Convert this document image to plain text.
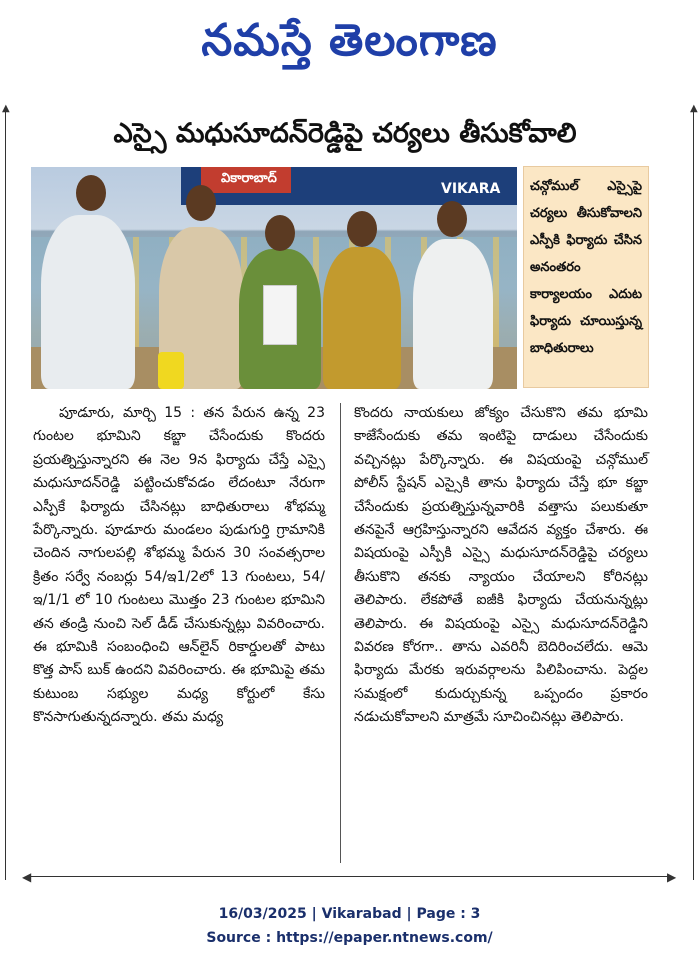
నమస్తే తెలంగాణ
▲	▲
◀	▶
ఎస్సై మధుసూదన్‌రెడ్డిపై చర్యలు తీసుకోవాలి
వికారాబాద్
VIKARA	చన్గోముల్ ఎస్సైపై చర్యలు తీసుకోవాలని ఎస్పీకి ఫిర్యాదు చేసిన అనంతరం కార్యాలయం ఎదుట ఫిర్యాదు చూయిస్తున్న బాధితురాలు

పూడూరు, మార్చి 15 : తన పేరున ఉన్న 23 గుంటల భూమిని కబ్జా చేసేందుకు కొందరు ప్రయత్నిస్తున్నారని ఈ నెల 9న ఫిర్యాదు చేస్తే ఎస్సై మధుసూదన్‌రెడ్డి పట్టించుకోవడం లేదంటూ నేరుగా ఎస్పీకే ఫిర్యాదు చేసినట్లు బాధితురాలు శోభమ్మ పేర్కొన్నారు. పూడూరు మండలం పుడుగుర్తి గ్రామానికి చెందిన నాగులపల్లి శోభమ్మ పేరున 30 సంవత్సరాల క్రితం సర్వే నంబర్లు 54/ఇ1/2లో 13 గుంటలు, 54/ఇ/1/1 లో 10 గుంటలు మొత్తం 23 గుంటల భూమిని తన తండ్రి నుంచి సెల్ డీడ్ చేసుకున్నట్లు వివరించారు. ఈ భూమికి సంబంధించి ఆన్‌లైన్ రికార్డులతో పాటు కొత్త పాస్ బుక్ ఉందని వివరించారు. ఈ భూమిపై తమ కుటుంబ సభ్యుల మధ్య కోర్టులో కేసు కొనసాగుతున్నదన్నారు. తమ మధ్య

కొందరు నాయకులు జోక్యం చేసుకొని తమ భూమి కాజేసేందుకు తమ ఇంటిపై దాడులు చేసేందుకు వచ్చినట్లు పేర్కొన్నారు. ఈ విషయంపై చన్గోముల్ పోలీస్ స్టేషన్ ఎస్సైకి తాను ఫిర్యాదు చేస్తే భూ కబ్జా చేసేందుకు ప్రయత్నిస్తున్నవారికి వత్తాసు పలుకుతూ తనపైనే ఆగ్రహిస్తున్నారని ఆవేదన వ్యక్తం చేశారు. ఈ విషయంపై ఎస్పీకి ఎస్సై మధుసూదన్‌రెడ్డిపై చర్యలు తీసుకొని తనకు న్యాయం చేయాలని కోరినట్లు తెలిపారు. లేకపోతే ఐజీకి ఫిర్యాదు చేయనున్నట్లు తెలిపారు. ఈ విషయంపై ఎస్సై మధుసూదన్‌రెడ్డిని వివరణ కోరగా.. తాను ఎవరినీ బెదిరించలేదు. ఆమె ఫిర్యాదు మేరకు ఇరువర్గాలను పిలిపించాను. పెద్దల సమక్షంలో కుదుర్చుకున్న ఒప్పందం ప్రకారం నడుచుకోవాలని మాత్రమే సూచించినట్లు తెలిపారు.

16/03/2025 | Vikarabad | Page : 3
Source : https://epaper.ntnews.com/
